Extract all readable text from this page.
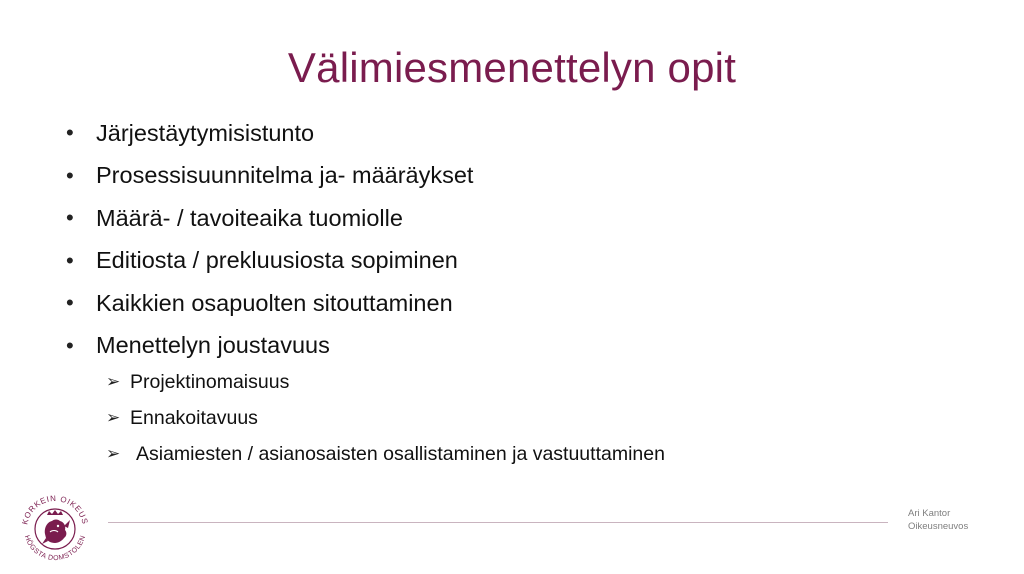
Välimiesmenettelyn opit
• Järjestäytymisistunto
• Prosessisuunnitelma ja- määräykset
• Määrä- / tavoiteaika tuomiolle
• Editiosta / prekluusiosta sopiminen
• Kaikkien osapuolten sitouttaminen
• Menettelyn joustavuus
➢ Projektinomaisuus
➢ Ennakoitavuus
➢ Asiamiesten / asianosaisten osallistaminen ja vastuuttaminen
KORKEIN OIKEUS
HÖGSTA DOMSTOLEN
Ari Kantor
Oikeusneuvos
